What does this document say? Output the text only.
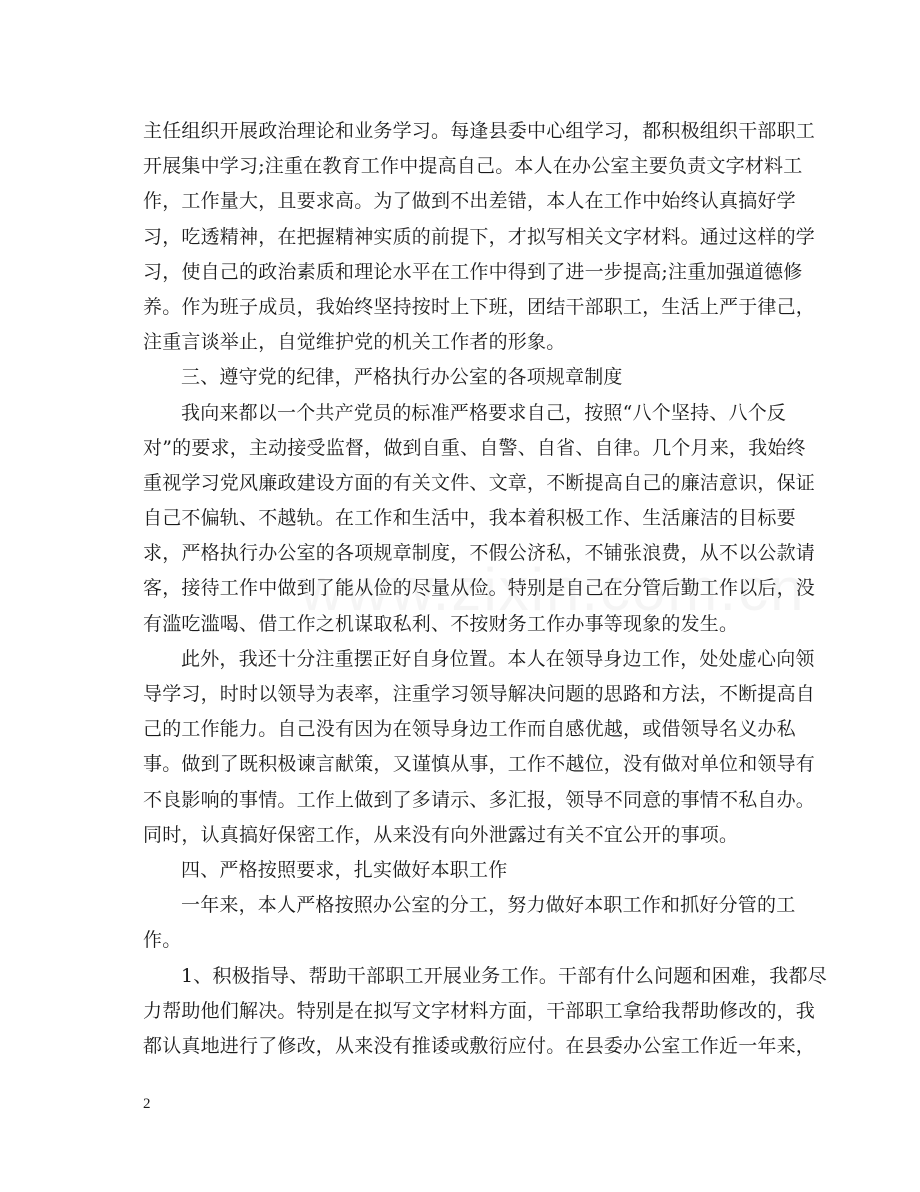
主任组织开展政治理论和业务学习。每逢县委中心组学习，都积极组织干部职工
开展集中学习;注重在教育工作中提高自己。本人在办公室主要负责文字材料工
作，工作量大，且要求高。为了做到不出差错，本人在工作中始终认真搞好学
习，吃透精神，在把握精神实质的前提下，才拟写相关文字材料。通过这样的学
习，使自己的政治素质和理论水平在工作中得到了进一步提高;注重加强道德修
养。作为班子成员，我始终坚持按时上下班，团结干部职工，生活上严于律己，
注重言谈举止，自觉维护党的机关工作者的形象。
三、遵守党的纪律，严格执行办公室的各项规章制度
我向来都以一个共产党员的标准严格要求自己，按照“八个坚持、八个反
对”的要求，主动接受监督，做到自重、自警、自省、自律。几个月来，我始终
重视学习党风廉政建设方面的有关文件、文章，不断提高自己的廉洁意识，保证
自己不偏轨、不越轨。在工作和生活中，我本着积极工作、生活廉洁的目标要
求，严格执行办公室的各项规章制度，不假公济私，不铺张浪费，从不以公款请
客，接待工作中做到了能从俭的尽量从俭。特别是自己在分管后勤工作以后，没
有滥吃滥喝、借工作之机谋取私利、不按财务工作办事等现象的发生。
此外，我还十分注重摆正好自身位置。本人在领导身边工作，处处虚心向领
导学习，时时以领导为表率，注重学习领导解决问题的思路和方法，不断提高自
己的工作能力。自己没有因为在领导身边工作而自感优越，或借领导名义办私
事。做到了既积极谏言献策，又谨慎从事，工作不越位，没有做对单位和领导有
不良影响的事情。工作上做到了多请示、多汇报，领导不同意的事情不私自办。
同时，认真搞好保密工作，从来没有向外泄露过有关不宜公开的事项。
四、严格按照要求，扎实做好本职工作
一年来，本人严格按照办公室的分工，努力做好本职工作和抓好分管的工
作。
1、积极指导、帮助干部职工开展业务工作。干部有什么问题和困难，我都尽
力帮助他们解决。特别是在拟写文字材料方面，干部职工拿给我帮助修改的，我
都认真地进行了修改，从来没有推诿或敷衍应付。在县委办公室工作近一年来，
2
